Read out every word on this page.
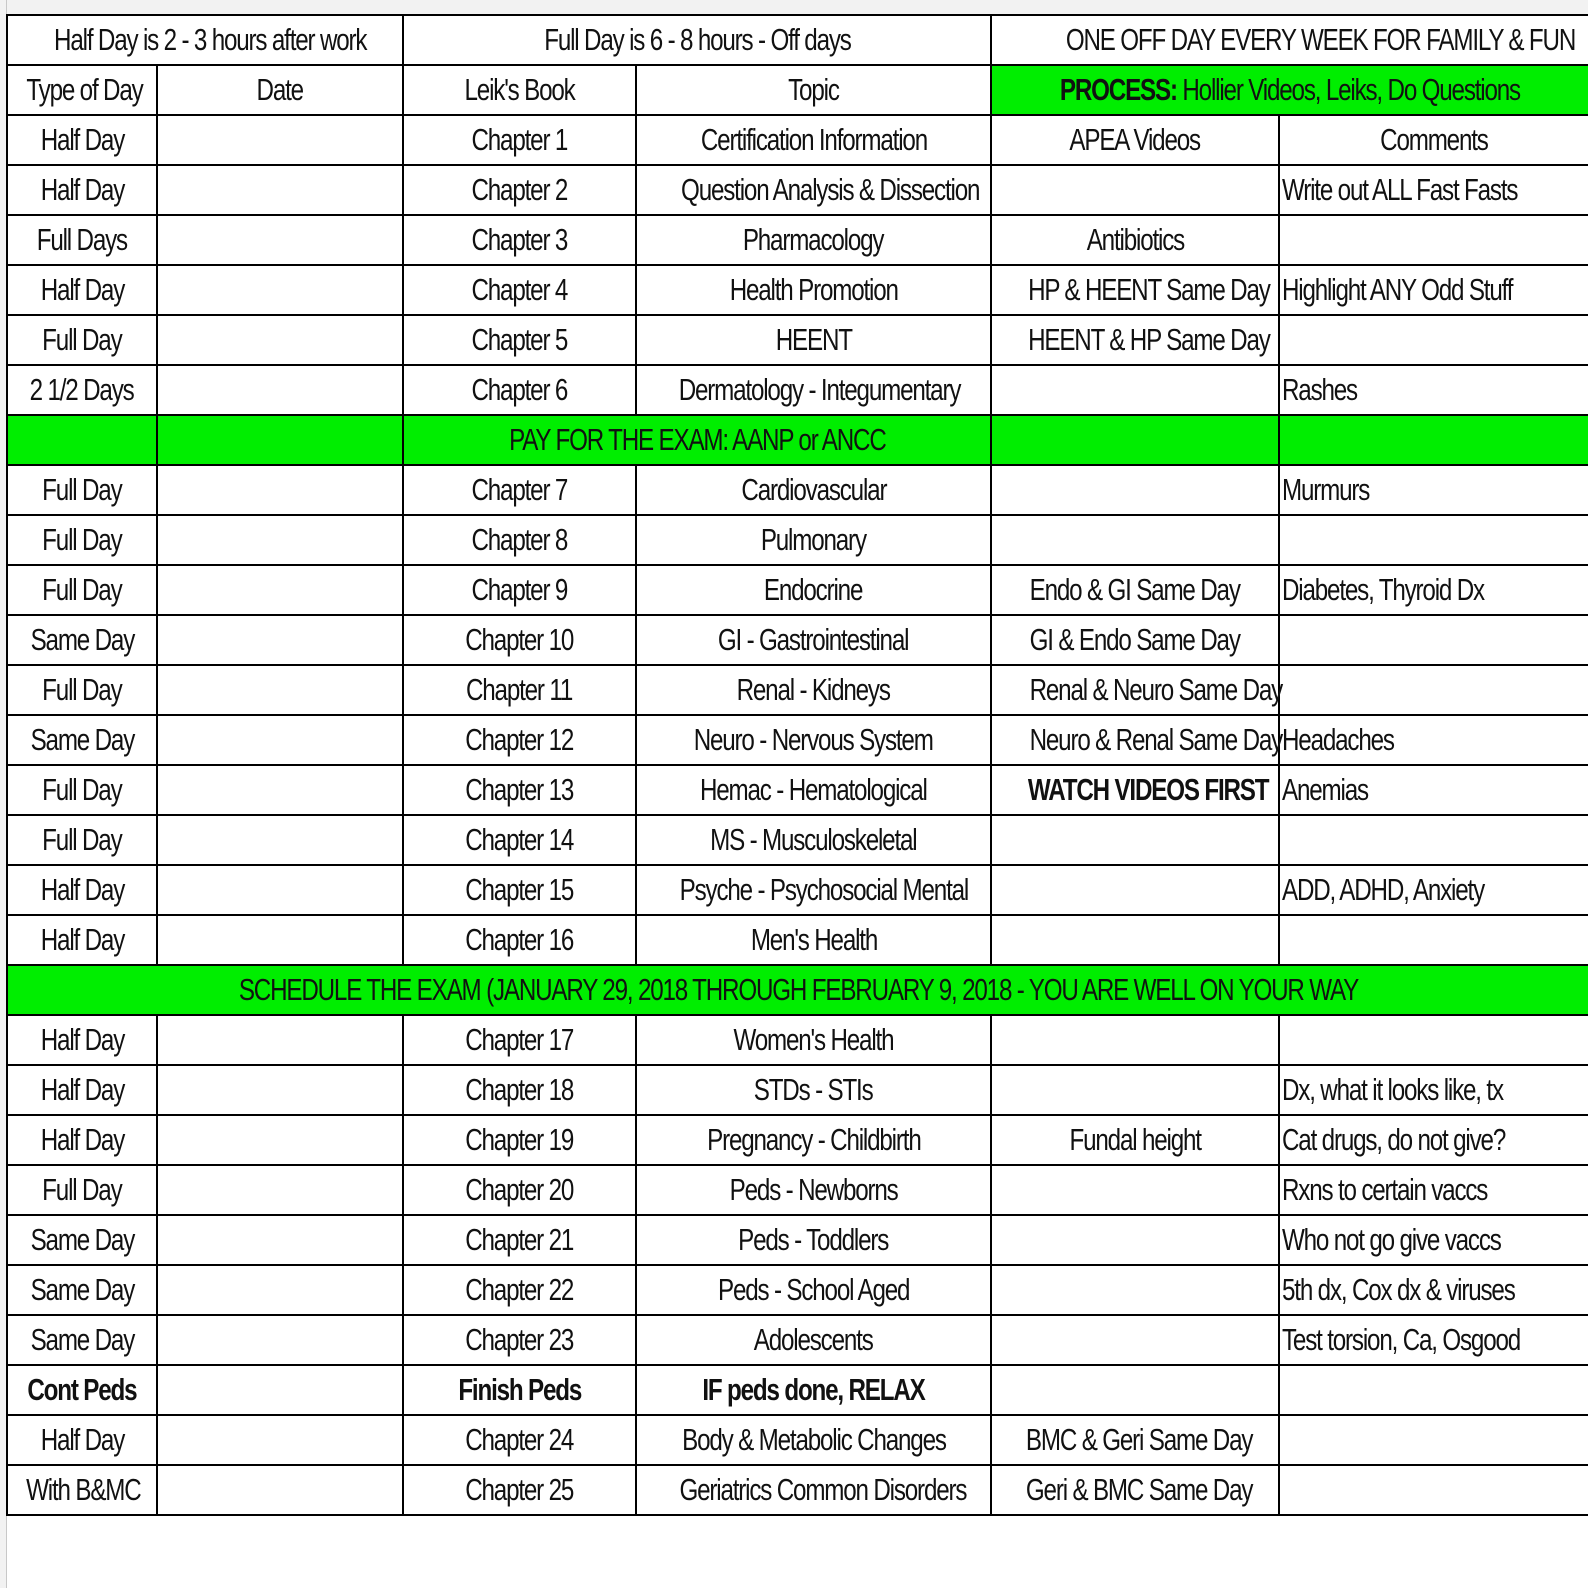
Half Day is 2 - 3 hours after work		Full Day is 6 - 8 hours - Off days		ONE OFF DAY EVERY WEEK FOR FAMILY & FUN	
Type of Day	Date	Leik's Book	Topic	PROCESS: Hollier Videos, Leiks, Do Questions	
Half Day		Chapter 1	Certification Information	APEA Videos	Comments
Half Day		Chapter 2	Question Analysis & Dissection		Write out ALL Fast Fasts
Full Days		Chapter 3	Pharmacology	Antibiotics	
Half Day		Chapter 4	Health Promotion	HP & HEENT Same Day	Highlight ANY Odd Stuff
Full Day		Chapter 5	HEENT	HEENT & HP Same Day	
2 1/2 Days		Chapter 6	Dermatology - Integumentary		Rashes
		PAY FOR THE EXAM: AANP or ANCC			
Full Day		Chapter 7	Cardiovascular		Murmurs
Full Day		Chapter 8	Pulmonary		
Full Day		Chapter 9	Endocrine	Endo & GI Same Day	Diabetes, Thyroid Dx
Same Day		Chapter 10	GI - Gastrointestinal	GI & Endo Same Day	
Full Day		Chapter 11	Renal - Kidneys	Renal & Neuro Same Day	
Same Day		Chapter 12	Neuro - Nervous System	Neuro & Renal Same Day	Headaches
Full Day		Chapter 13	Hemac - Hematological	WATCH VIDEOS FIRST	Anemias
Full Day		Chapter 14	MS - Musculoskeletal		
Half Day		Chapter 15	Psyche - Psychosocial Mental		ADD, ADHD, Anxiety
Half Day		Chapter 16	Men's Health		
SCHEDULE THE EXAM (JANUARY 29, 2018 THROUGH FEBRUARY 9, 2018 - YOU ARE WELL ON YOUR WAY					
Half Day		Chapter 17	Women's Health		
Half Day		Chapter 18	STDs - STIs		Dx, what it looks like, tx
Half Day		Chapter 19	Pregnancy - Childbirth	Fundal height	Cat drugs, do not give?
Full Day		Chapter 20	Peds - Newborns		Rxns to certain vaccs
Same Day		Chapter 21	Peds - Toddlers		Who not go give vaccs
Same Day		Chapter 22	Peds - School Aged		5th dx, Cox dx & viruses
Same Day		Chapter 23	Adolescents		Test torsion, Ca, Osgood
Cont Peds		Finish Peds	IF peds done, RELAX		
Half Day		Chapter 24	Body & Metabolic Changes	BMC & Geri Same Day	
With B&MC		Chapter 25	Geriatrics Common Disorders	Geri & BMC Same Day	
